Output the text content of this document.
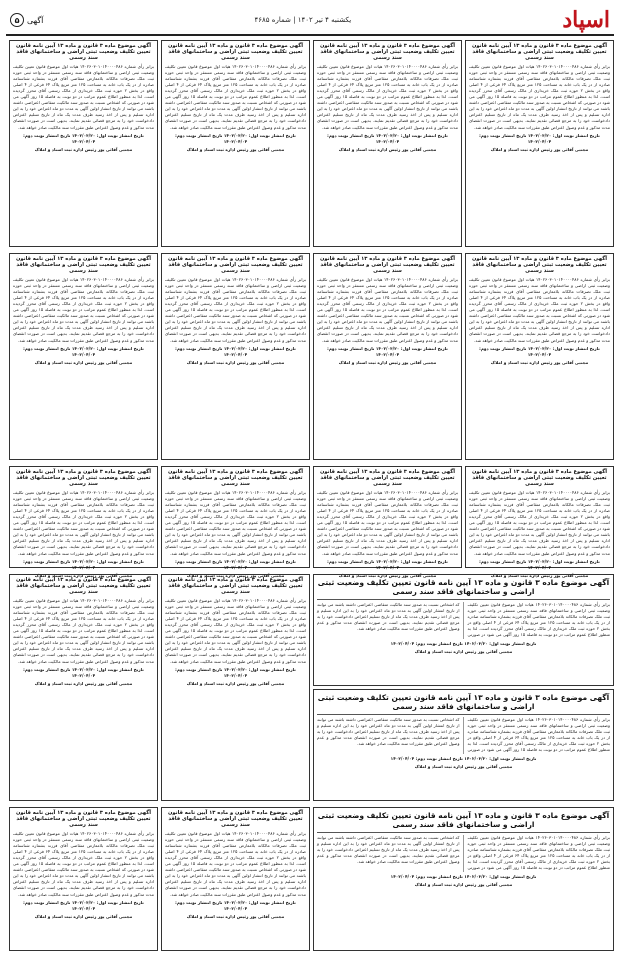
اسپاد
یکشنبه ۴ تیر ۱۴۰۲ | شماره ۴۶۸۵
آگهی
۵
آگهی موضوع ماده ۳ قانون و ماده ۱۳ آیین نامه قانون تعیین تکلیف وضعیت ثبتی اراضی و ساختمانهای فاقد سند رسمی
برابر رأی شماره ۱۴۰۲۶۰۳۰۱۰۱۴۰۰۰۰۴۸۶ هیات اول موضوع قانون تعیین تکلیف وضعیت ثبتی اراضی و ساختمانهای فاقد سند رسمی مستقر در واحد ثبتی حوزه ثبت ملک تصرفات مالکانه بلامعارض متقاضی آقای فرزند بشماره شناسنامه صادره از در یک باب خانه به مساحت ۱۲۵ متر مربع پلاک ۶۴ فرعی از ۴ اصلی واقع در بخش ۲ حوزه ثبت ملک خریداری از مالک رسمی آقای محرز گردیده است. لذا به منظور اطلاع عموم مراتب در دو نوبت به فاصله ۱۵ روز آگهی می شود در صورتی که اشخاص نسبت به صدور سند مالکیت متقاضی اعتراضی داشته باشند می توانند از تاریخ انتشار اولین آگهی به مدت دو ماه اعتراض خود را به این اداره تسلیم و پس از اخذ رسید ظرف مدت یک ماه از تاریخ تسلیم اعتراض دادخواست خود را به مرجع قضائی تقدیم نمایند. بدیهی است در صورت انقضای مدت مذکور و عدم وصول اعتراض طبق مقررات سند مالکیت صادر خواهد شد.
تاریخ انتشار نوبت اول: ۱۴۰۲/۰۳/۲۰ تاریخ انتشار نوبت دوم: ۱۴۰۲/۰۴/۰۴
مجتبی آقائی پور رئیس اداره ثبت اسناد و املاک
آگهی موضوع ماده ۳ قانون و ماده ۱۳ آیین نامه قانون تعیین تکلیف وضعیت ثبتی اراضی و ساختمانهای فاقد سند رسمی
برابر رأی شماره ۱۴۰۲۶۰۳۰۱۰۱۴۰۰۰۰۴۸۶ هیات اول موضوع قانون تعیین تکلیف وضعیت ثبتی اراضی و ساختمانهای فاقد سند رسمی مستقر در واحد ثبتی حوزه ثبت ملک تصرفات مالکانه بلامعارض متقاضی آقای فرزند بشماره شناسنامه صادره از در یک باب خانه به مساحت ۱۲۵ متر مربع پلاک ۶۴ فرعی از ۴ اصلی واقع در بخش ۲ حوزه ثبت ملک خریداری از مالک رسمی آقای محرز گردیده است. لذا به منظور اطلاع عموم مراتب در دو نوبت به فاصله ۱۵ روز آگهی می شود در صورتی که اشخاص نسبت به صدور سند مالکیت متقاضی اعتراضی داشته باشند می توانند از تاریخ انتشار اولین آگهی به مدت دو ماه اعتراض خود را به این اداره تسلیم و پس از اخذ رسید ظرف مدت یک ماه از تاریخ تسلیم اعتراض دادخواست خود را به مرجع قضائی تقدیم نمایند. بدیهی است در صورت انقضای مدت مذکور و عدم وصول اعتراض طبق مقررات سند مالکیت صادر خواهد شد.
تاریخ انتشار نوبت اول: ۱۴۰۲/۰۳/۲۰ تاریخ انتشار نوبت دوم: ۱۴۰۲/۰۴/۰۴
مجتبی آقائی پور رئیس اداره ثبت اسناد و املاک
آگهی موضوع ماده ۳ قانون و ماده ۱۳ آیین نامه قانون تعیین تکلیف وضعیت ثبتی اراضی و ساختمانهای فاقد سند رسمی
برابر رأی شماره ۱۴۰۲۶۰۳۰۱۰۱۴۰۰۰۰۴۸۶ هیات اول موضوع قانون تعیین تکلیف وضعیت ثبتی اراضی و ساختمانهای فاقد سند رسمی مستقر در واحد ثبتی حوزه ثبت ملک تصرفات مالکانه بلامعارض متقاضی آقای فرزند بشماره شناسنامه صادره از در یک باب خانه به مساحت ۱۲۵ متر مربع پلاک ۶۴ فرعی از ۴ اصلی واقع در بخش ۲ حوزه ثبت ملک خریداری از مالک رسمی آقای محرز گردیده است. لذا به منظور اطلاع عموم مراتب در دو نوبت به فاصله ۱۵ روز آگهی می شود در صورتی که اشخاص نسبت به صدور سند مالکیت متقاضی اعتراضی داشته باشند می توانند از تاریخ انتشار اولین آگهی به مدت دو ماه اعتراض خود را به این اداره تسلیم و پس از اخذ رسید ظرف مدت یک ماه از تاریخ تسلیم اعتراض دادخواست خود را به مرجع قضائی تقدیم نمایند. بدیهی است در صورت انقضای مدت مذکور و عدم وصول اعتراض طبق مقررات سند مالکیت صادر خواهد شد.
تاریخ انتشار نوبت اول: ۱۴۰۲/۰۳/۲۰ تاریخ انتشار نوبت دوم: ۱۴۰۲/۰۴/۰۴
مجتبی آقائی پور رئیس اداره ثبت اسناد و املاک
آگهی موضوع ماده ۳ قانون و ماده ۱۳ آیین نامه قانون تعیین تکلیف وضعیت ثبتی اراضی و ساختمانهای فاقد سند رسمی
برابر رأی شماره ۱۴۰۲۶۰۳۰۱۰۱۴۰۰۰۰۴۸۶ هیات اول موضوع قانون تعیین تکلیف وضعیت ثبتی اراضی و ساختمانهای فاقد سند رسمی مستقر در واحد ثبتی حوزه ثبت ملک تصرفات مالکانه بلامعارض متقاضی آقای فرزند بشماره شناسنامه صادره از در یک باب خانه به مساحت ۱۲۵ متر مربع پلاک ۶۴ فرعی از ۴ اصلی واقع در بخش ۲ حوزه ثبت ملک خریداری از مالک رسمی آقای محرز گردیده است. لذا به منظور اطلاع عموم مراتب در دو نوبت به فاصله ۱۵ روز آگهی می شود در صورتی که اشخاص نسبت به صدور سند مالکیت متقاضی اعتراضی داشته باشند می توانند از تاریخ انتشار اولین آگهی به مدت دو ماه اعتراض خود را به این اداره تسلیم و پس از اخذ رسید ظرف مدت یک ماه از تاریخ تسلیم اعتراض دادخواست خود را به مرجع قضائی تقدیم نمایند. بدیهی است در صورت انقضای مدت مذکور و عدم وصول اعتراض طبق مقررات سند مالکیت صادر خواهد شد.
تاریخ انتشار نوبت اول: ۱۴۰۲/۰۳/۲۰ تاریخ انتشار نوبت دوم: ۱۴۰۲/۰۴/۰۴
مجتبی آقائی پور رئیس اداره ثبت اسناد و املاک
آگهی موضوع ماده ۳ قانون و ماده ۱۳ آیین نامه قانون تعیین تکلیف وضعیت ثبتی اراضی و ساختمانهای فاقد سند رسمی
برابر رأی شماره ۱۴۰۲۶۰۳۰۱۰۱۴۰۰۰۰۴۸۶ هیات اول موضوع قانون تعیین تکلیف وضعیت ثبتی اراضی و ساختمانهای فاقد سند رسمی مستقر در واحد ثبتی حوزه ثبت ملک تصرفات مالکانه بلامعارض متقاضی آقای فرزند بشماره شناسنامه صادره از در یک باب خانه به مساحت ۱۲۵ متر مربع پلاک ۶۴ فرعی از ۴ اصلی واقع در بخش ۲ حوزه ثبت ملک خریداری از مالک رسمی آقای محرز گردیده است. لذا به منظور اطلاع عموم مراتب در دو نوبت به فاصله ۱۵ روز آگهی می شود در صورتی که اشخاص نسبت به صدور سند مالکیت متقاضی اعتراضی داشته باشند می توانند از تاریخ انتشار اولین آگهی به مدت دو ماه اعتراض خود را به این اداره تسلیم و پس از اخذ رسید ظرف مدت یک ماه از تاریخ تسلیم اعتراض دادخواست خود را به مرجع قضائی تقدیم نمایند. بدیهی است در صورت انقضای مدت مذکور و عدم وصول اعتراض طبق مقررات سند مالکیت صادر خواهد شد.
تاریخ انتشار نوبت اول: ۱۴۰۲/۰۳/۲۰ تاریخ انتشار نوبت دوم: ۱۴۰۲/۰۴/۰۴
مجتبی آقائی پور رئیس اداره ثبت اسناد و املاک
آگهی موضوع ماده ۳ قانون و ماده ۱۳ آیین نامه قانون تعیین تکلیف وضعیت ثبتی اراضی و ساختمانهای فاقد سند رسمی
برابر رأی شماره ۱۴۰۲۶۰۳۰۱۰۱۴۰۰۰۰۴۸۶ هیات اول موضوع قانون تعیین تکلیف وضعیت ثبتی اراضی و ساختمانهای فاقد سند رسمی مستقر در واحد ثبتی حوزه ثبت ملک تصرفات مالکانه بلامعارض متقاضی آقای فرزند بشماره شناسنامه صادره از در یک باب خانه به مساحت ۱۲۵ متر مربع پلاک ۶۴ فرعی از ۴ اصلی واقع در بخش ۲ حوزه ثبت ملک خریداری از مالک رسمی آقای محرز گردیده است. لذا به منظور اطلاع عموم مراتب در دو نوبت به فاصله ۱۵ روز آگهی می شود در صورتی که اشخاص نسبت به صدور سند مالکیت متقاضی اعتراضی داشته باشند می توانند از تاریخ انتشار اولین آگهی به مدت دو ماه اعتراض خود را به این اداره تسلیم و پس از اخذ رسید ظرف مدت یک ماه از تاریخ تسلیم اعتراض دادخواست خود را به مرجع قضائی تقدیم نمایند. بدیهی است در صورت انقضای مدت مذکور و عدم وصول اعتراض طبق مقررات سند مالکیت صادر خواهد شد.
تاریخ انتشار نوبت اول: ۱۴۰۲/۰۳/۲۰ تاریخ انتشار نوبت دوم: ۱۴۰۲/۰۴/۰۴
مجتبی آقائی پور رئیس اداره ثبت اسناد و املاک
آگهی موضوع ماده ۳ قانون و ماده ۱۳ آیین نامه قانون تعیین تکلیف وضعیت ثبتی اراضی و ساختمانهای فاقد سند رسمی
برابر رأی شماره ۱۴۰۲۶۰۳۰۱۰۱۴۰۰۰۰۴۸۶ هیات اول موضوع قانون تعیین تکلیف وضعیت ثبتی اراضی و ساختمانهای فاقد سند رسمی مستقر در واحد ثبتی حوزه ثبت ملک تصرفات مالکانه بلامعارض متقاضی آقای فرزند بشماره شناسنامه صادره از در یک باب خانه به مساحت ۱۲۵ متر مربع پلاک ۶۴ فرعی از ۴ اصلی واقع در بخش ۲ حوزه ثبت ملک خریداری از مالک رسمی آقای محرز گردیده است. لذا به منظور اطلاع عموم مراتب در دو نوبت به فاصله ۱۵ روز آگهی می شود در صورتی که اشخاص نسبت به صدور سند مالکیت متقاضی اعتراضی داشته باشند می توانند از تاریخ انتشار اولین آگهی به مدت دو ماه اعتراض خود را به این اداره تسلیم و پس از اخذ رسید ظرف مدت یک ماه از تاریخ تسلیم اعتراض دادخواست خود را به مرجع قضائی تقدیم نمایند. بدیهی است در صورت انقضای مدت مذکور و عدم وصول اعتراض طبق مقررات سند مالکیت صادر خواهد شد.
تاریخ انتشار نوبت اول: ۱۴۰۲/۰۳/۲۰ تاریخ انتشار نوبت دوم: ۱۴۰۲/۰۴/۰۴
مجتبی آقائی پور رئیس اداره ثبت اسناد و املاک
آگهی موضوع ماده ۳ قانون و ماده ۱۳ آیین نامه قانون تعیین تکلیف وضعیت ثبتی اراضی و ساختمانهای فاقد سند رسمی
برابر رأی شماره ۱۴۰۲۶۰۳۰۱۰۱۴۰۰۰۰۴۸۶ هیات اول موضوع قانون تعیین تکلیف وضعیت ثبتی اراضی و ساختمانهای فاقد سند رسمی مستقر در واحد ثبتی حوزه ثبت ملک تصرفات مالکانه بلامعارض متقاضی آقای فرزند بشماره شناسنامه صادره از در یک باب خانه به مساحت ۱۲۵ متر مربع پلاک ۶۴ فرعی از ۴ اصلی واقع در بخش ۲ حوزه ثبت ملک خریداری از مالک رسمی آقای محرز گردیده است. لذا به منظور اطلاع عموم مراتب در دو نوبت به فاصله ۱۵ روز آگهی می شود در صورتی که اشخاص نسبت به صدور سند مالکیت متقاضی اعتراضی داشته باشند می توانند از تاریخ انتشار اولین آگهی به مدت دو ماه اعتراض خود را به این اداره تسلیم و پس از اخذ رسید ظرف مدت یک ماه از تاریخ تسلیم اعتراض دادخواست خود را به مرجع قضائی تقدیم نمایند. بدیهی است در صورت انقضای مدت مذکور و عدم وصول اعتراض طبق مقررات سند مالکیت صادر خواهد شد.
تاریخ انتشار نوبت اول: ۱۴۰۲/۰۳/۲۰ تاریخ انتشار نوبت دوم: ۱۴۰۲/۰۴/۰۴
مجتبی آقائی پور رئیس اداره ثبت اسناد و املاک
آگهی موضوع ماده ۳ قانون و ماده ۱۳ آیین نامه قانون تعیین تکلیف وضعیت ثبتی اراضی و ساختمانهای فاقد سند رسمی
برابر رأی شماره ۱۴۰۲۶۰۳۰۱۰۱۴۰۰۰۰۴۸۶ هیات اول موضوع قانون تعیین تکلیف وضعیت ثبتی اراضی و ساختمانهای فاقد سند رسمی مستقر در واحد ثبتی حوزه ثبت ملک تصرفات مالکانه بلامعارض متقاضی آقای فرزند بشماره شناسنامه صادره از در یک باب خانه به مساحت ۱۲۵ متر مربع پلاک ۶۴ فرعی از ۴ اصلی واقع در بخش ۲ حوزه ثبت ملک خریداری از مالک رسمی آقای محرز گردیده است. لذا به منظور اطلاع عموم مراتب در دو نوبت به فاصله ۱۵ روز آگهی می شود در صورتی که اشخاص نسبت به صدور سند مالکیت متقاضی اعتراضی داشته باشند می توانند از تاریخ انتشار اولین آگهی به مدت دو ماه اعتراض خود را به این اداره تسلیم و پس از اخذ رسید ظرف مدت یک ماه از تاریخ تسلیم اعتراض دادخواست خود را به مرجع قضائی تقدیم نمایند. بدیهی است در صورت انقضای مدت مذکور و عدم وصول اعتراض طبق مقررات سند مالکیت صادر خواهد شد.
تاریخ انتشار نوبت اول: ۱۴۰۲/۰۳/۲۰ تاریخ انتشار نوبت دوم: ۱۴۰۲/۰۴/۰۴
مجتبی آقائی پور رئیس اداره ثبت اسناد و املاک
آگهی موضوع ماده ۳ قانون و ماده ۱۳ آیین نامه قانون تعیین تکلیف وضعیت ثبتی اراضی و ساختمانهای فاقد سند رسمی
برابر رأی شماره ۱۴۰۲۶۰۳۰۱۰۱۴۰۰۰۰۴۸۶ هیات اول موضوع قانون تعیین تکلیف وضعیت ثبتی اراضی و ساختمانهای فاقد سند رسمی مستقر در واحد ثبتی حوزه ثبت ملک تصرفات مالکانه بلامعارض متقاضی آقای فرزند بشماره شناسنامه صادره از در یک باب خانه به مساحت ۱۲۵ متر مربع پلاک ۶۴ فرعی از ۴ اصلی واقع در بخش ۲ حوزه ثبت ملک خریداری از مالک رسمی آقای محرز گردیده است. لذا به منظور اطلاع عموم مراتب در دو نوبت به فاصله ۱۵ روز آگهی می شود در صورتی که اشخاص نسبت به صدور سند مالکیت متقاضی اعتراضی داشته باشند می توانند از تاریخ انتشار اولین آگهی به مدت دو ماه اعتراض خود را به این اداره تسلیم و پس از اخذ رسید ظرف مدت یک ماه از تاریخ تسلیم اعتراض دادخواست خود را به مرجع قضائی تقدیم نمایند. بدیهی است در صورت انقضای مدت مذکور و عدم وصول اعتراض طبق مقررات سند مالکیت صادر خواهد شد.
تاریخ انتشار نوبت اول: ۱۴۰۲/۰۳/۲۰ تاریخ انتشار نوبت دوم: ۱۴۰۲/۰۴/۰۴
مجتبی آقائی پور رئیس اداره ثبت اسناد و املاک
آگهی موضوع ماده ۳ قانون و ماده ۱۳ آیین نامه قانون تعیین تکلیف وضعیت ثبتی اراضی و ساختمانهای فاقد سند رسمی
برابر رأی شماره ۱۴۰۲۶۰۳۰۱۰۱۴۰۰۰۰۴۸۶ هیات اول موضوع قانون تعیین تکلیف وضعیت ثبتی اراضی و ساختمانهای فاقد سند رسمی مستقر در واحد ثبتی حوزه ثبت ملک تصرفات مالکانه بلامعارض متقاضی آقای فرزند بشماره شناسنامه صادره از در یک باب خانه به مساحت ۱۲۵ متر مربع پلاک ۶۴ فرعی از ۴ اصلی واقع در بخش ۲ حوزه ثبت ملک خریداری از مالک رسمی آقای محرز گردیده است. لذا به منظور اطلاع عموم مراتب در دو نوبت به فاصله ۱۵ روز آگهی می شود در صورتی که اشخاص نسبت به صدور سند مالکیت متقاضی اعتراضی داشته باشند می توانند از تاریخ انتشار اولین آگهی به مدت دو ماه اعتراض خود را به این اداره تسلیم و پس از اخذ رسید ظرف مدت یک ماه از تاریخ تسلیم اعتراض دادخواست خود را به مرجع قضائی تقدیم نمایند. بدیهی است در صورت انقضای مدت مذکور و عدم وصول اعتراض طبق مقررات سند مالکیت صادر خواهد شد.
تاریخ انتشار نوبت اول: ۱۴۰۲/۰۳/۲۰ تاریخ انتشار نوبت دوم: ۱۴۰۲/۰۴/۰۴
مجتبی آقائی پور رئیس اداره ثبت اسناد و املاک
آگهی موضوع ماده ۳ قانون و ماده ۱۳ آیین نامه قانون تعیین تکلیف وضعیت ثبتی اراضی و ساختمانهای فاقد سند رسمی
برابر رأی شماره ۱۴۰۲۶۰۳۰۱۰۱۴۰۰۰۰۴۸۶ هیات اول موضوع قانون تعیین تکلیف وضعیت ثبتی اراضی و ساختمانهای فاقد سند رسمی مستقر در واحد ثبتی حوزه ثبت ملک تصرفات مالکانه بلامعارض متقاضی آقای فرزند بشماره شناسنامه صادره از در یک باب خانه به مساحت ۱۲۵ متر مربع پلاک ۶۴ فرعی از ۴ اصلی واقع در بخش ۲ حوزه ثبت ملک خریداری از مالک رسمی آقای محرز گردیده است. لذا به منظور اطلاع عموم مراتب در دو نوبت به فاصله ۱۵ روز آگهی می شود در صورتی که اشخاص نسبت به صدور سند مالکیت متقاضی اعتراضی داشته باشند می توانند از تاریخ انتشار اولین آگهی به مدت دو ماه اعتراض خود را به این اداره تسلیم و پس از اخذ رسید ظرف مدت یک ماه از تاریخ تسلیم اعتراض دادخواست خود را به مرجع قضائی تقدیم نمایند. بدیهی است در صورت انقضای مدت مذکور و عدم وصول اعتراض طبق مقررات سند مالکیت صادر خواهد شد.
تاریخ انتشار نوبت اول: ۱۴۰۲/۰۳/۲۰ تاریخ انتشار نوبت دوم: ۱۴۰۲/۰۴/۰۴
مجتبی آقائی پور رئیس اداره ثبت اسناد و املاک
آگهی موضوع ماده ۳ قانون و ماده ۱۳ آیین نامه قانون تعیین تکلیف وضعیت ثبتی اراضی و ساختمانهای فاقد سند رسمی
برابر رأی شماره ۱۴۰۲۶۰۳۰۱۰۱۴۰۰۰۰۴۸۶ هیات اول موضوع قانون تعیین تکلیف وضعیت ثبتی اراضی و ساختمانهای فاقد سند رسمی مستقر در واحد ثبتی حوزه ثبت ملک تصرفات مالکانه بلامعارض متقاضی آقای فرزند بشماره شناسنامه صادره از در یک باب خانه به مساحت ۱۲۵ متر مربع پلاک ۶۴ فرعی از ۴ اصلی واقع در بخش ۲ حوزه ثبت ملک خریداری از مالک رسمی آقای محرز گردیده است. لذا به منظور اطلاع عموم مراتب در دو نوبت به فاصله ۱۵ روز آگهی می شود در صورتی که اشخاص نسبت به صدور سند مالکیت متقاضی اعتراضی داشته باشند می توانند از تاریخ انتشار اولین آگهی به مدت دو ماه اعتراض خود را به این اداره تسلیم و پس از اخذ رسید ظرف مدت یک ماه از تاریخ تسلیم اعتراض دادخواست خود را به مرجع قضائی تقدیم نمایند. بدیهی است در صورت انقضای مدت مذکور و عدم وصول اعتراض طبق مقررات سند مالکیت صادر خواهد شد.
تاریخ انتشار نوبت اول: ۱۴۰۲/۰۳/۲۰ تاریخ انتشار نوبت دوم: ۱۴۰۲/۰۴/۰۴
مجتبی آقائی پور رئیس اداره ثبت اسناد و املاک
آگهی موضوع ماده ۳ قانون و ماده ۱۳ آیین نامه قانون تعیین تکلیف وضعیت ثبتی اراضی و ساختمانهای فاقد سند رسمی
برابر رأی شماره ۱۴۰۲۶۰۳۰۱۰۱۴۰۰۰۰۴۸۶ هیات اول موضوع قانون تعیین تکلیف وضعیت ثبتی اراضی و ساختمانهای فاقد سند رسمی مستقر در واحد ثبتی حوزه ثبت ملک تصرفات مالکانه بلامعارض متقاضی آقای فرزند بشماره شناسنامه صادره از در یک باب خانه به مساحت ۱۲۵ متر مربع پلاک ۶۴ فرعی از ۴ اصلی واقع در بخش ۲ حوزه ثبت ملک خریداری از مالک رسمی آقای محرز گردیده است. لذا به منظور اطلاع عموم مراتب در دو نوبت به فاصله ۱۵ روز آگهی می شود در صورتی که اشخاص نسبت به صدور سند مالکیت متقاضی اعتراضی داشته باشند می توانند از تاریخ انتشار اولین آگهی به مدت دو ماه اعتراض خود را به این اداره تسلیم و پس از اخذ رسید ظرف مدت یک ماه از تاریخ تسلیم اعتراض دادخواست خود را به مرجع قضائی تقدیم نمایند. بدیهی است در صورت انقضای مدت مذکور و عدم وصول اعتراض طبق مقررات سند مالکیت صادر خواهد شد.
تاریخ انتشار نوبت اول: ۱۴۰۲/۰۳/۲۰ تاریخ انتشار نوبت دوم: ۱۴۰۲/۰۴/۰۴
مجتبی آقائی پور رئیس اداره ثبت اسناد و املاک
آگهی موضوع ماده ۳ قانون و ماده ۱۳ آیین نامه قانون تعیین تکلیف وضعیت ثبتی اراضی و ساختمانهای فاقد سند رسمی
برابر رأی شماره ۱۴۰۲۶۰۳۰۱۰۱۴۰۰۰۰۴۸۶ هیات اول موضوع قانون تعیین تکلیف وضعیت ثبتی اراضی و ساختمانهای فاقد سند رسمی مستقر در واحد ثبتی حوزه ثبت ملک تصرفات مالکانه بلامعارض متقاضی آقای فرزند بشماره شناسنامه صادره از در یک باب خانه به مساحت ۱۲۵ متر مربع پلاک ۶۴ فرعی از ۴ اصلی واقع در بخش ۲ حوزه ثبت ملک خریداری از مالک رسمی آقای محرز گردیده است. لذا به منظور اطلاع عموم مراتب در دو نوبت به فاصله ۱۵ روز آگهی می شود در صورتی که اشخاص نسبت به صدور سند مالکیت متقاضی اعتراضی داشته باشند می توانند از تاریخ انتشار اولین آگهی به مدت دو ماه اعتراض خود را به این اداره تسلیم و پس از اخذ رسید ظرف مدت یک ماه از تاریخ تسلیم اعتراض دادخواست خود را به مرجع قضائی تقدیم نمایند. بدیهی است در صورت انقضای مدت مذکور و عدم وصول اعتراض طبق مقررات سند مالکیت صادر خواهد شد.
تاریخ انتشار نوبت اول: ۱۴۰۲/۰۳/۲۰ تاریخ انتشار نوبت دوم: ۱۴۰۲/۰۴/۰۴
مجتبی آقائی پور رئیس اداره ثبت اسناد و املاک
آگهی موضوع ماده ۳ قانون و ماده ۱۳ آیین نامه قانون تعیین تکلیف وضعیت ثبتی اراضی و ساختمانهای فاقد سند رسمی
برابر رأی شماره ۱۴۰۲۶۰۳۰۱۰۱۴۰۰۰۰۴۸۶ هیات اول موضوع قانون تعیین تکلیف وضعیت ثبتی اراضی و ساختمانهای فاقد سند رسمی مستقر در واحد ثبتی حوزه ثبت ملک تصرفات مالکانه بلامعارض متقاضی آقای فرزند بشماره شناسنامه صادره از در یک باب خانه به مساحت ۱۲۵ متر مربع پلاک ۶۴ فرعی از ۴ اصلی واقع در بخش ۲ حوزه ثبت ملک خریداری از مالک رسمی آقای محرز گردیده است. لذا به منظور اطلاع عموم مراتب در دو نوبت به فاصله ۱۵ روز آگهی می شود در صورتی که اشخاص نسبت به صدور سند مالکیت متقاضی اعتراضی داشته باشند می توانند از تاریخ انتشار اولین آگهی به مدت دو ماه اعتراض خود را به این اداره تسلیم و پس از اخذ رسید ظرف مدت یک ماه از تاریخ تسلیم اعتراض دادخواست خود را به مرجع قضائی تقدیم نمایند. بدیهی است در صورت انقضای مدت مذکور و عدم وصول اعتراض طبق مقررات سند مالکیت صادر خواهد شد.
تاریخ انتشار نوبت اول: ۱۴۰۲/۰۳/۲۰ تاریخ انتشار نوبت دوم: ۱۴۰۲/۰۴/۰۴
مجتبی آقائی پور رئیس اداره ثبت اسناد و املاک
آگهی موضوع ماده ۳ قانون و ماده ۱۳ آیین نامه قانون تعیین تکلیف وضعیت ثبتی اراضی و ساختمانهای فاقد سند رسمی
برابر رأی شماره ۱۴۰۲۶۰۳۰۱۰۱۴۰۰۰۰۴۸۶ هیات اول موضوع قانون تعیین تکلیف وضعیت ثبتی اراضی و ساختمانهای فاقد سند رسمی مستقر در واحد ثبتی حوزه ثبت ملک تصرفات مالکانه بلامعارض متقاضی آقای فرزند بشماره شناسنامه صادره از در یک باب خانه به مساحت ۱۲۵ متر مربع پلاک ۶۴ فرعی از ۴ اصلی واقع در بخش ۲ حوزه ثبت ملک خریداری از مالک رسمی آقای محرز گردیده است. لذا به منظور اطلاع عموم مراتب در دو نوبت به فاصله ۱۵ روز آگهی می شود در صورتی که اشخاص نسبت به صدور سند مالکیت متقاضی اعتراضی داشته باشند می توانند از تاریخ انتشار اولین آگهی به مدت دو ماه اعتراض خود را به این اداره تسلیم و پس از اخذ رسید ظرف مدت یک ماه از تاریخ تسلیم اعتراض دادخواست خود را به مرجع قضائی تقدیم نمایند. بدیهی است در صورت انقضای مدت مذکور و عدم وصول اعتراض طبق مقررات سند مالکیت صادر خواهد شد.
تاریخ انتشار نوبت اول: ۱۴۰۲/۰۳/۲۰ تاریخ انتشار نوبت دوم: ۱۴۰۲/۰۴/۰۴
مجتبی آقائی پور رئیس اداره ثبت اسناد و املاک
آگهی موضوع ماده ۳ قانون و ماده ۱۳ آیین نامه قانون تعیین تکلیف وضعیت ثبتی اراضی و ساختمانهای فاقد سند رسمی
برابر رأی شماره ۱۴۰۲۶۰۳۰۱۰۱۴۰۰۰۰۴۸۶ هیات اول موضوع قانون تعیین تکلیف وضعیت ثبتی اراضی و ساختمانهای فاقد سند رسمی مستقر در واحد ثبتی حوزه ثبت ملک تصرفات مالکانه بلامعارض متقاضی آقای فرزند بشماره شناسنامه صادره از در یک باب خانه به مساحت ۱۲۵ متر مربع پلاک ۶۴ فرعی از ۴ اصلی واقع در بخش ۲ حوزه ثبت ملک خریداری از مالک رسمی آقای محرز گردیده است. لذا به منظور اطلاع عموم مراتب در دو نوبت به فاصله ۱۵ روز آگهی می شود در صورتی که اشخاص نسبت به صدور سند مالکیت متقاضی اعتراضی داشته باشند می توانند از تاریخ انتشار اولین آگهی به مدت دو ماه اعتراض خود را به این اداره تسلیم و پس از اخذ رسید ظرف مدت یک ماه از تاریخ تسلیم اعتراض دادخواست خود را به مرجع قضائی تقدیم نمایند. بدیهی است در صورت انقضای مدت مذکور و عدم وصول اعتراض طبق مقررات سند مالکیت صادر خواهد شد.
تاریخ انتشار نوبت اول: ۱۴۰۲/۰۳/۲۰ تاریخ انتشار نوبت دوم: ۱۴۰۲/۰۴/۰۴
مجتبی آقائی پور رئیس اداره ثبت اسناد و املاک
آگهی موضوع ماده ۳ قانون و ماده ۱۳ آیین نامه قانون تعیین تکلیف وضعیت ثبتی اراضی و ساختمانهای فاقد سند رسمی
برابر رأی شماره ۱۴۰۲۶۰۳۰۱۰۱۴۰۰۰۰۴۸۶ هیات اول موضوع قانون تعیین تکلیف وضعیت ثبتی اراضی و ساختمانهای فاقد سند رسمی مستقر در واحد ثبتی حوزه ثبت ملک تصرفات مالکانه بلامعارض متقاضی آقای فرزند بشماره شناسنامه صادره از در یک باب خانه به مساحت ۱۲۵ متر مربع پلاک ۶۴ فرعی از ۴ اصلی واقع در بخش ۲ حوزه ثبت ملک خریداری از مالک رسمی آقای محرز گردیده است. لذا به منظور اطلاع عموم مراتب در دو نوبت به فاصله ۱۵ روز آگهی می شود در صورتی که اشخاص نسبت به صدور سند مالکیت متقاضی اعتراضی داشته باشند می توانند از تاریخ انتشار اولین آگهی به مدت دو ماه اعتراض خود را به این اداره تسلیم و پس از اخذ رسید ظرف مدت یک ماه از تاریخ تسلیم اعتراض دادخواست خود را به مرجع قضائی تقدیم نمایند. بدیهی است در صورت انقضای مدت مذکور و عدم وصول اعتراض طبق مقررات سند مالکیت صادر خواهد شد.
تاریخ انتشار نوبت اول: ۱۴۰۲/۰۳/۲۰ تاریخ انتشار نوبت دوم: ۱۴۰۲/۰۴/۰۴
مجتبی آقائی پور رئیس اداره ثبت اسناد و املاک
